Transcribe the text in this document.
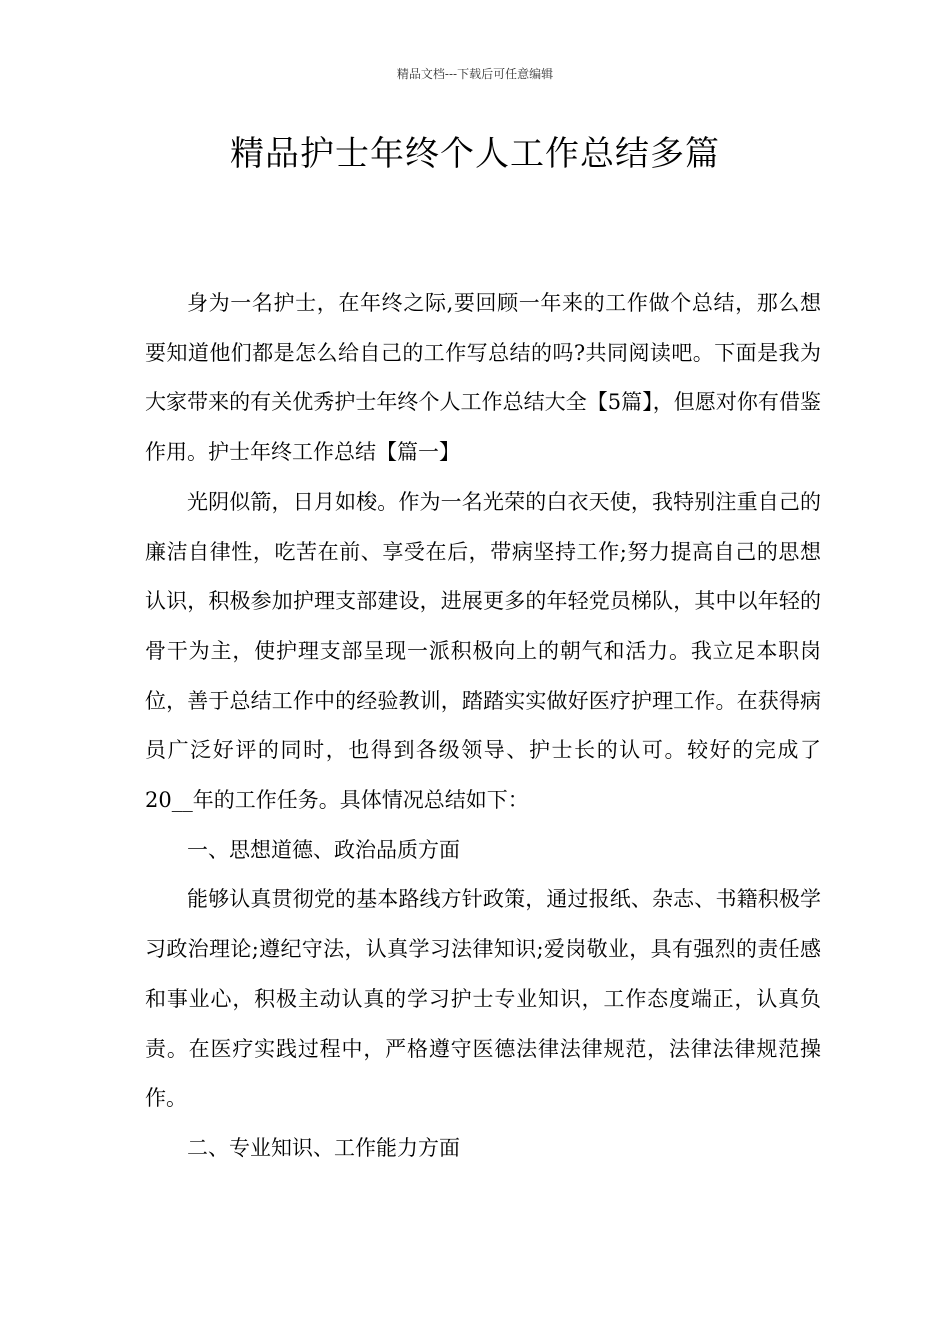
精品文档---下载后可任意编辑
精品护士年终个人工作总结多篇

身为一名护士，在年终之际,要回顾一年来的工作做个总结，那么想要知道他们都是怎么给自己的工作写总结的吗?共同阅读吧。下面是我为大家带来的有关优秀护士年终个人工作总结大全【5篇】，但愿对你有借鉴作用。护士年终工作总结【篇一】

光阴似箭，日月如梭。作为一名光荣的白衣天使，我特别注重自己的廉洁自律性，吃苦在前、享受在后，带病坚持工作;努力提高自己的思想认识，积极参加护理支部建设，进展更多的年轻党员梯队，其中以年轻的骨干为主，使护理支部呈现一派积极向上的朝气和活力。我立足本职岗位，善于总结工作中的经验教训，踏踏实实做好医疗护理工作。在获得病员广泛好评的同时，也得到各级领导、护士长的认可。较好的完成了20__年的工作任务。具体情况总结如下：

一、思想道德、政治品质方面

能够认真贯彻党的基本路线方针政策，通过报纸、杂志、书籍积极学习政治理论;遵纪守法，认真学习法律知识;爱岗敬业，具有强烈的责任感和事业心，积极主动认真的学习护士专业知识，工作态度端正，认真负责。在医疗实践过程中，严格遵守医德法律法律规范，法律法律规范操作。

二、专业知识、工作能力方面
